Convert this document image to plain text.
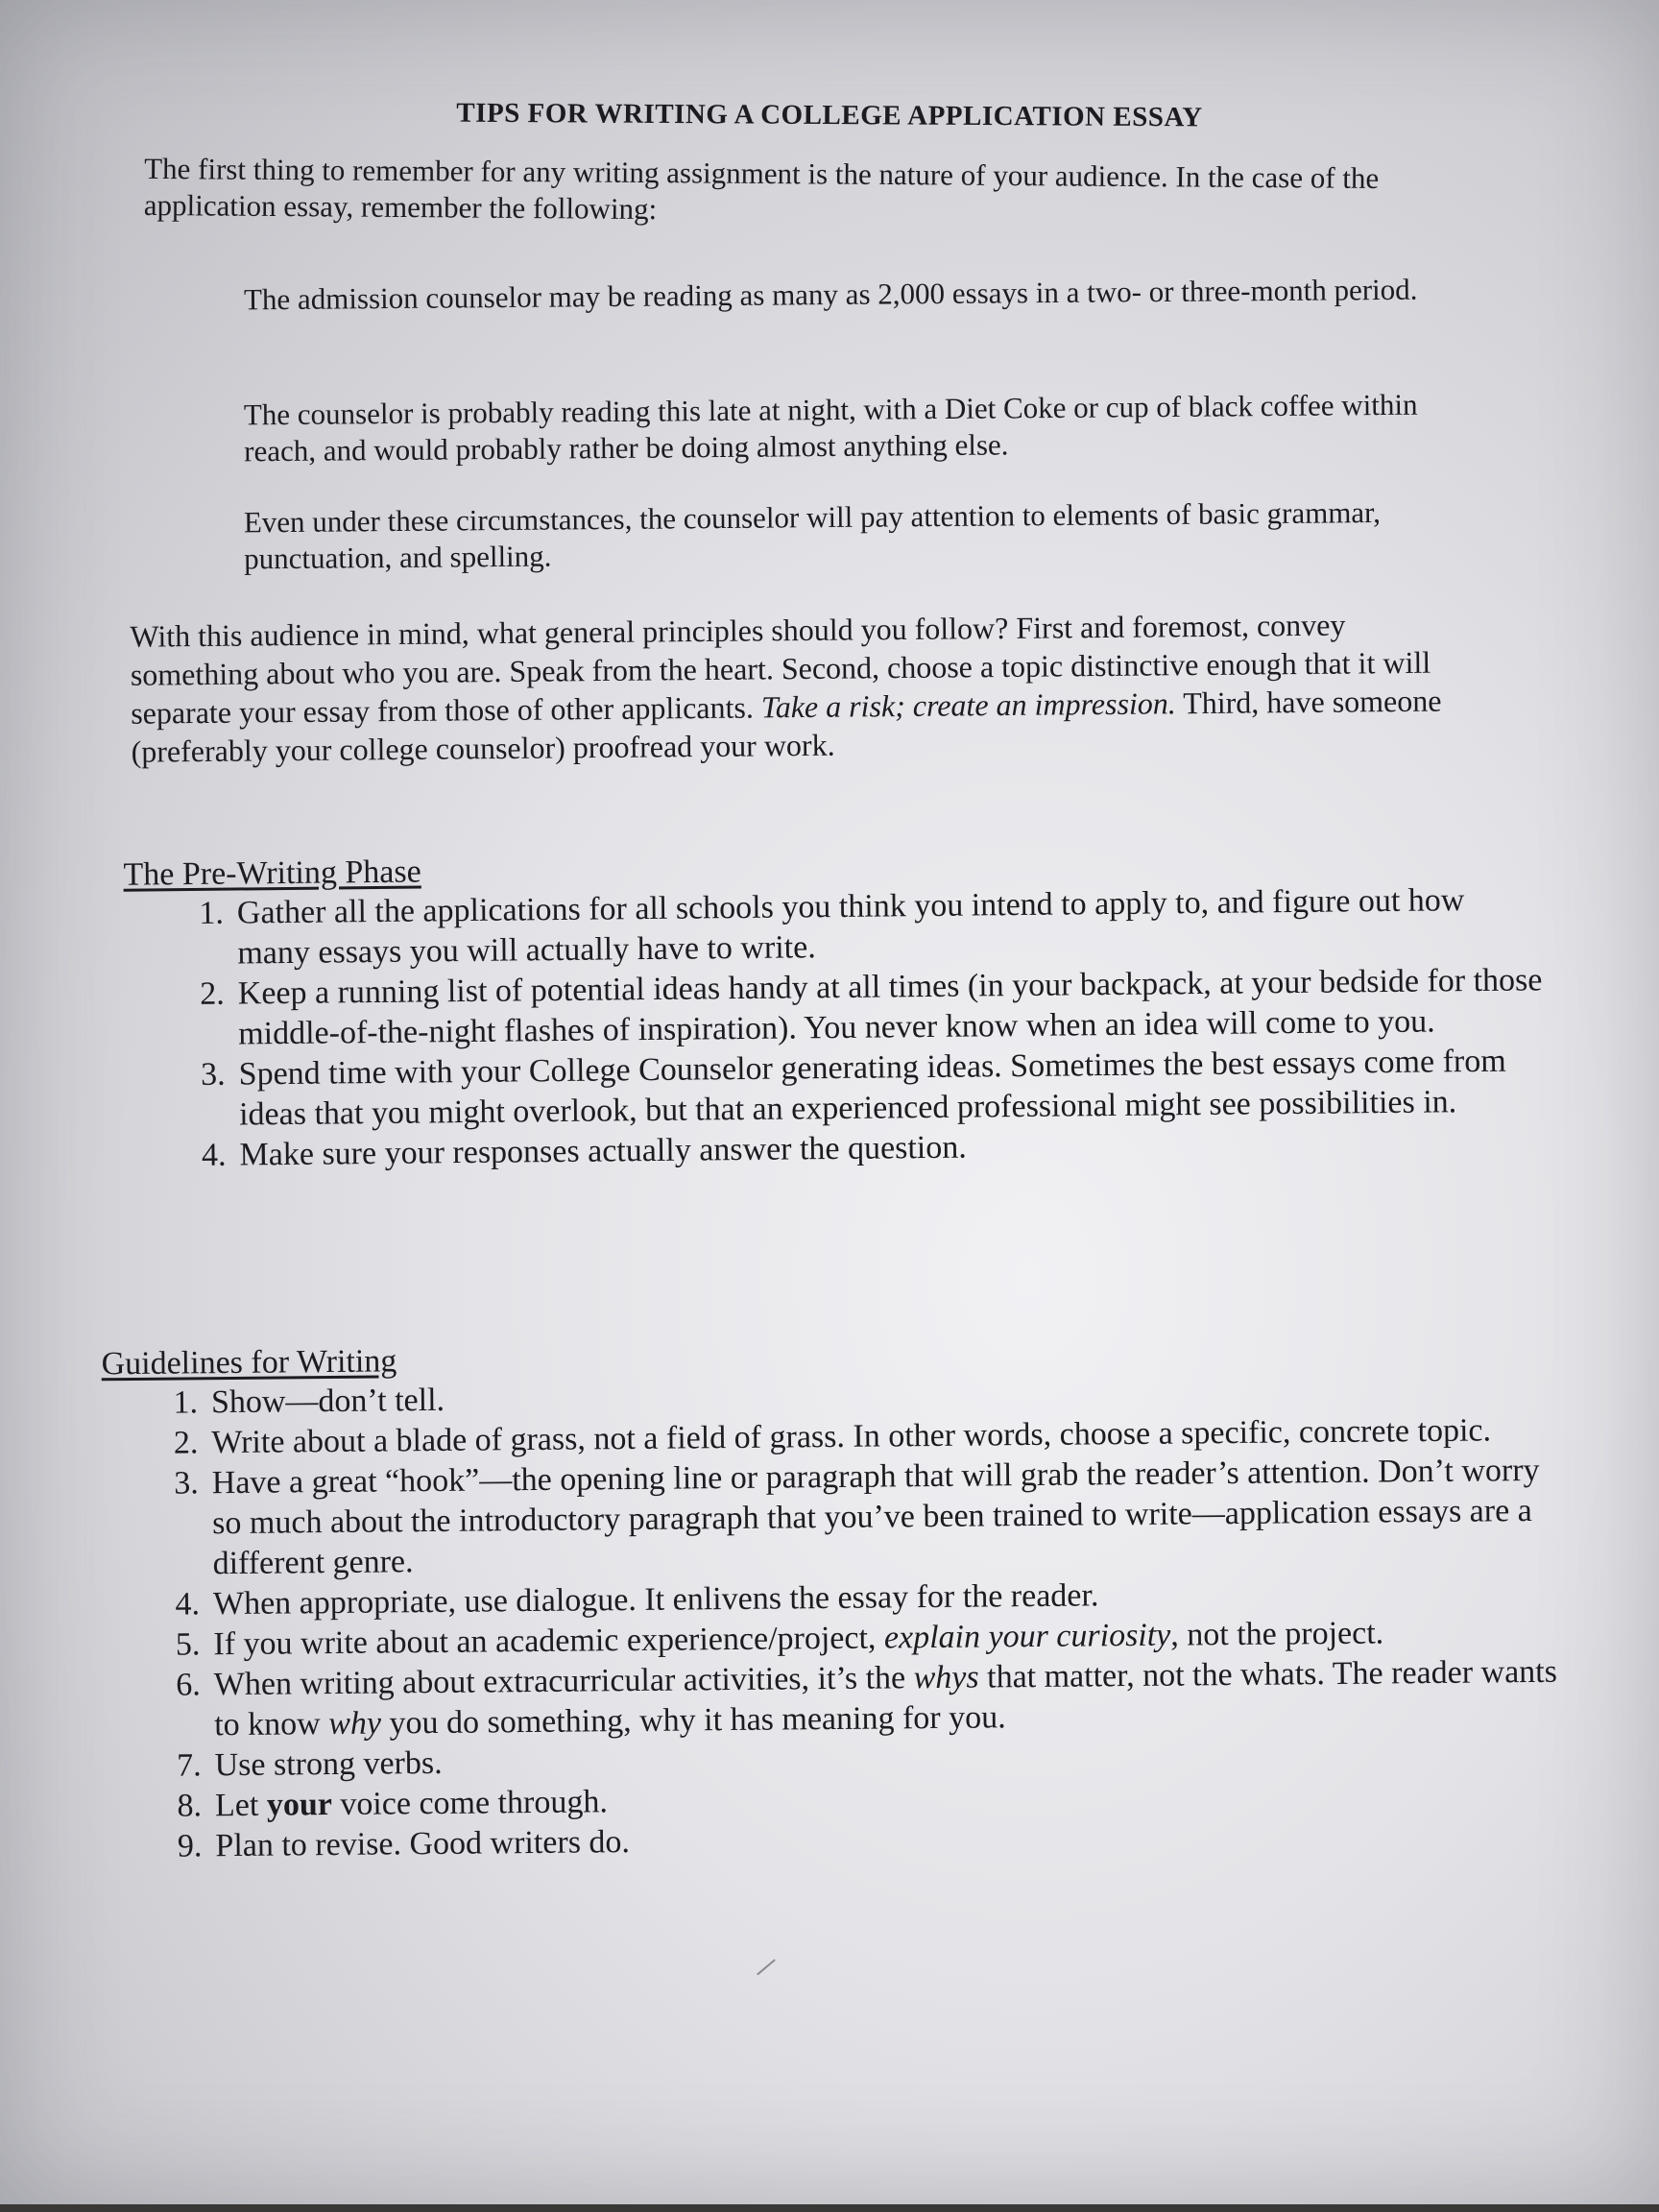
TIPS FOR WRITING A COLLEGE APPLICATION ESSAY
The first thing to remember for any writing assignment is the nature of your audience. In the case of the application essay, remember the following:
The admission counselor may be reading as many as 2,000 essays in a two- or three-month period.
The counselor is probably reading this late at night, with a Diet Coke or cup of black coffee within reach, and would probably rather be doing almost anything else.
Even under these circumstances, the counselor will pay attention to elements of basic grammar, punctuation, and spelling.
With this audience in mind, what general principles should you follow? First and foremost, convey something about who you are. Speak from the heart. Second, choose a topic distinctive enough that it will separate your essay from those of other applicants. Take a risk; create an impression. Third, have someone (preferably your college counselor) proofread your work.
The Pre-Writing Phase
1. Gather all the applications for all schools you think you intend to apply to, and figure out how many essays you will actually have to write.
2. Keep a running list of potential ideas handy at all times (in your backpack, at your bedside for those middle-of-the-night flashes of inspiration). You never know when an idea will come to you.
3. Spend time with your College Counselor generating ideas. Sometimes the best essays come from ideas that you might overlook, but that an experienced professional might see possibilities in.
4. Make sure your responses actually answer the question.
Guidelines for Writing
1. Show—don’t tell.
2. Write about a blade of grass, not a field of grass. In other words, choose a specific, concrete topic.
3. Have a great “hook”—the opening line or paragraph that will grab the reader’s attention. Don’t worry so much about the introductory paragraph that you’ve been trained to write—application essays are a different genre.
4. When appropriate, use dialogue. It enlivens the essay for the reader.
5. If you write about an academic experience/project, explain your curiosity, not the project.
6. When writing about extracurricular activities, it’s the whys that matter, not the whats. The reader wants to know why you do something, why it has meaning for you.
7. Use strong verbs.
8. Let your voice come through.
9. Plan to revise. Good writers do.
